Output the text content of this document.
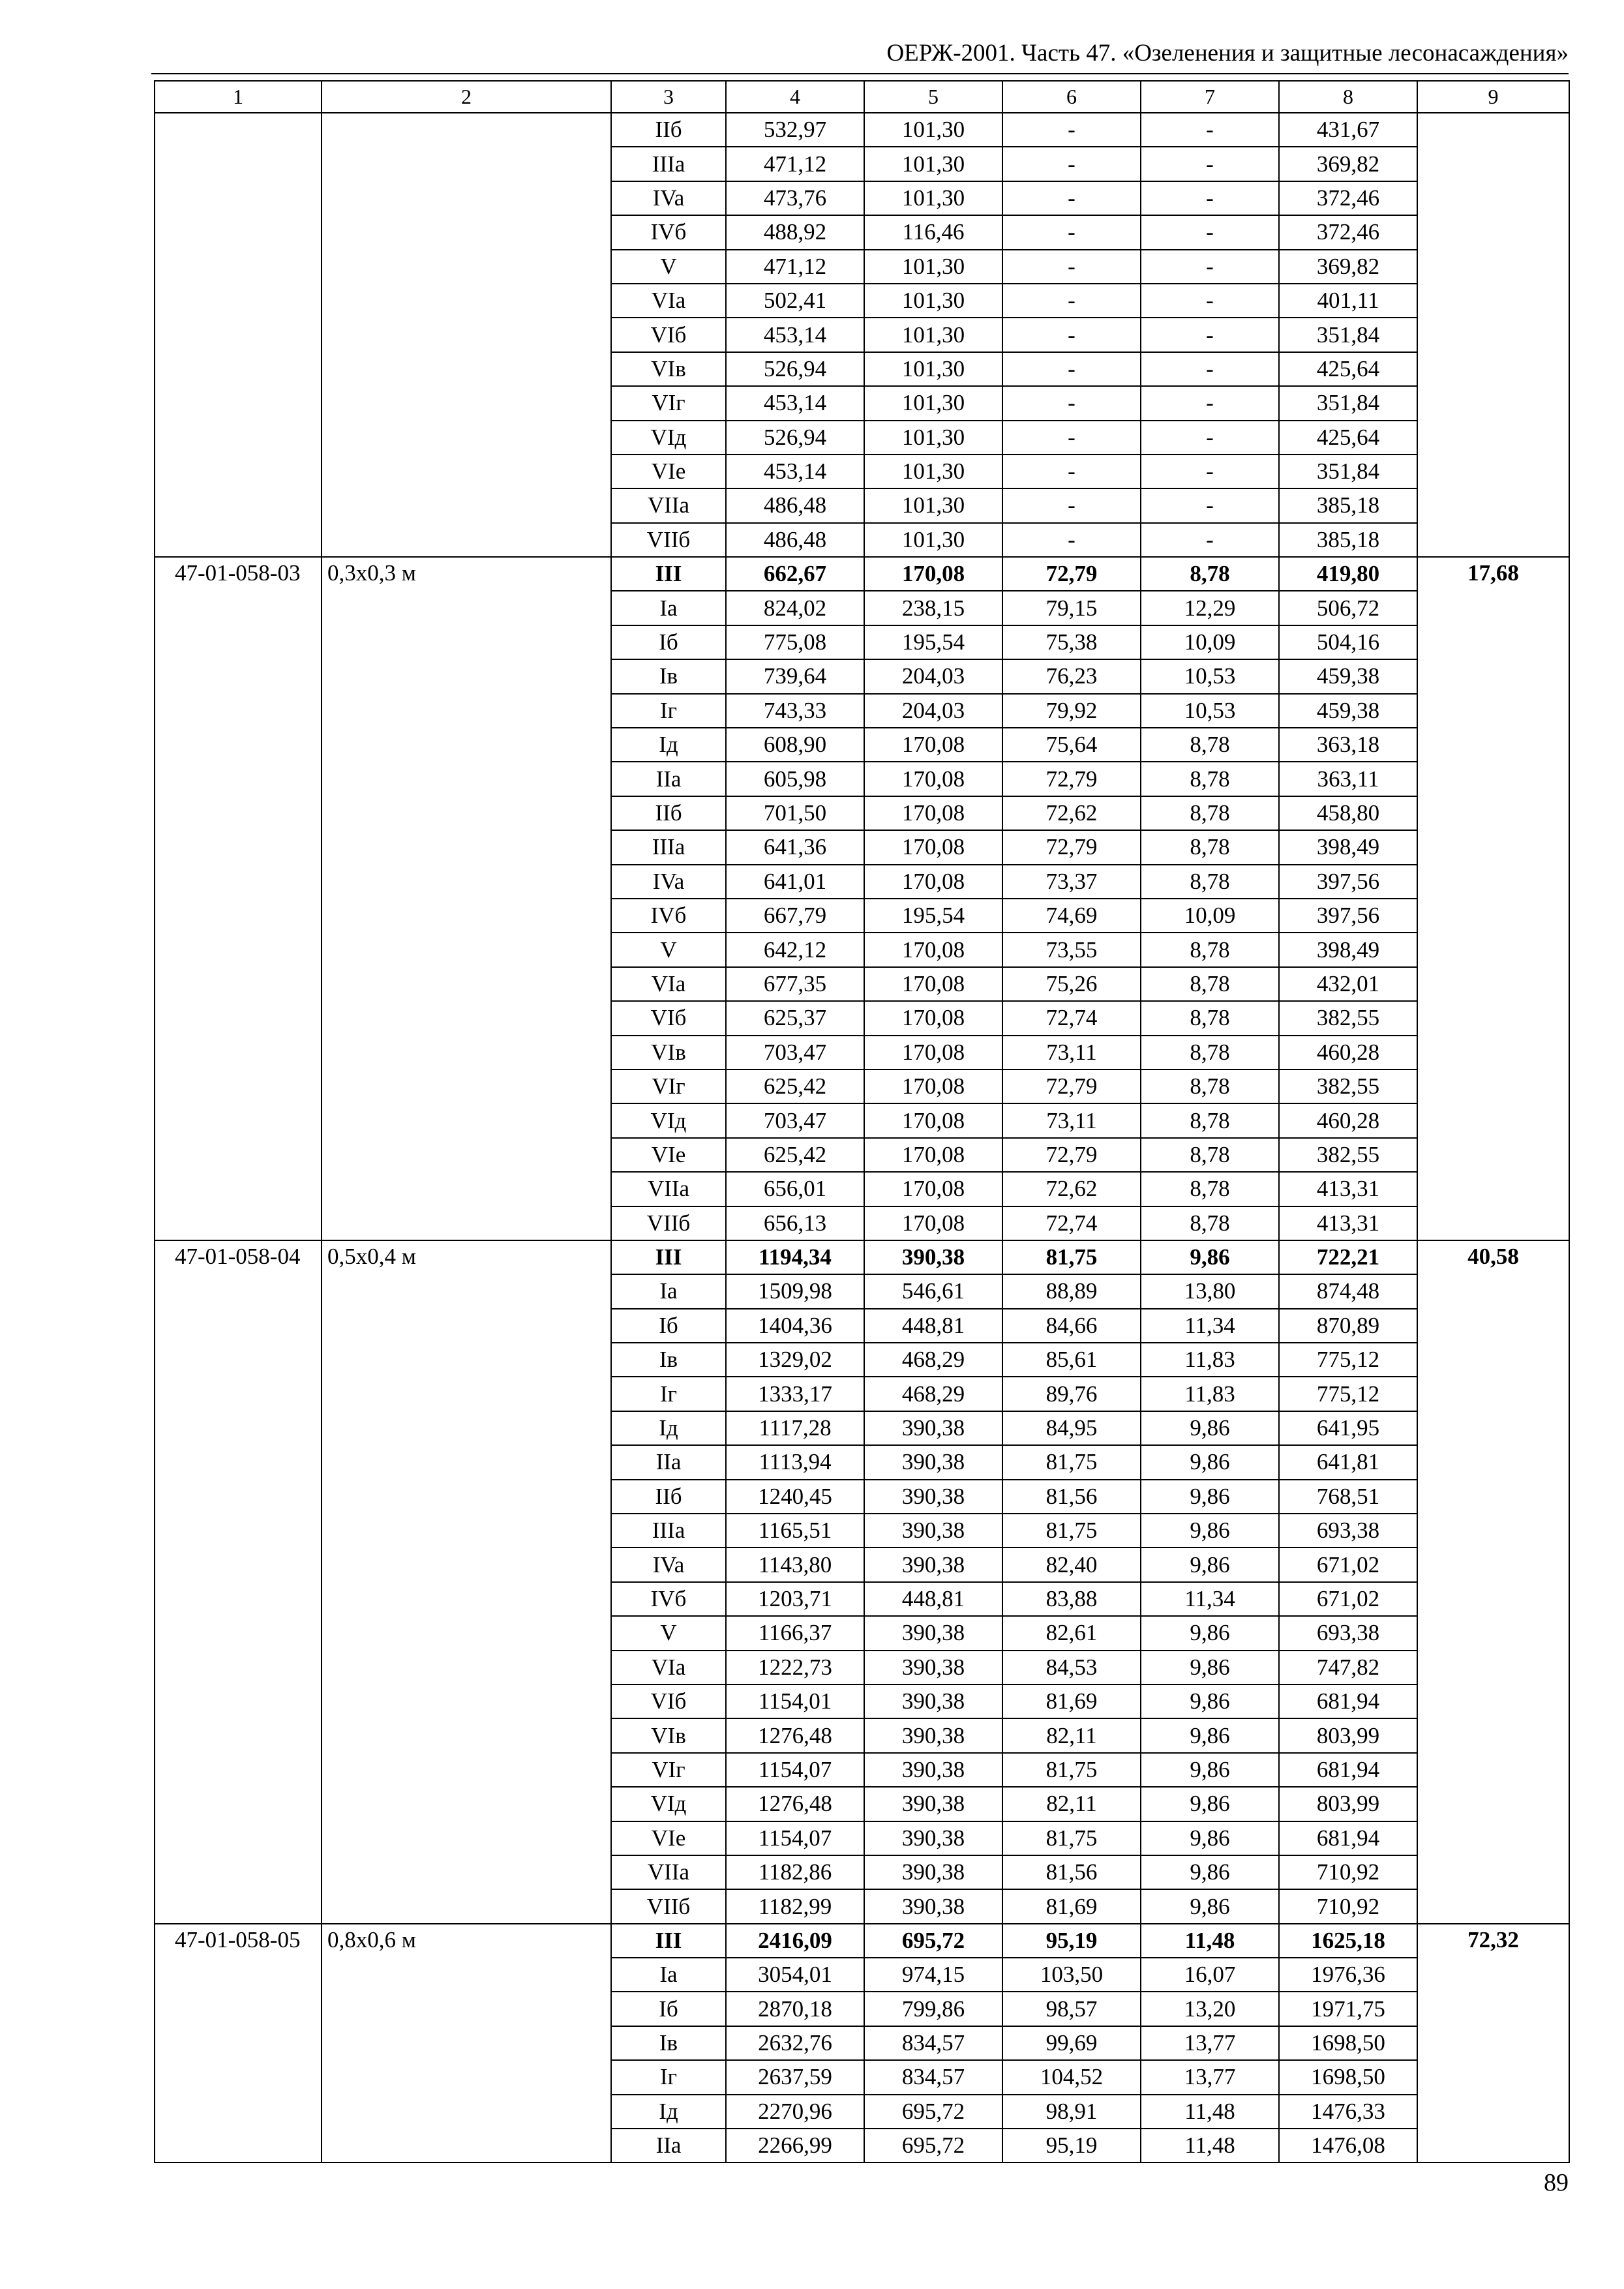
ОЕРЖ-2001. Часть 47. «Озеленения и защитные лесонасаждения»
1	2	3	4	5	6	7	8	9
		IIб	532,97	101,30	-	-	431,67	
		IIIa	471,12	101,30	-	-	369,82	
		IVa	473,76	101,30	-	-	372,46	
		IVб	488,92	116,46	-	-	372,46	
		V	471,12	101,30	-	-	369,82	
		VIa	502,41	101,30	-	-	401,11	
		VIб	453,14	101,30	-	-	351,84	
		VIв	526,94	101,30	-	-	425,64	
		VIг	453,14	101,30	-	-	351,84	
		VIд	526,94	101,30	-	-	425,64	
		VIe	453,14	101,30	-	-	351,84	
		VIIa	486,48	101,30	-	-	385,18	
		VIIб	486,48	101,30	-	-	385,18	
47-01-058-03	0,3x0,3 м	III	662,67	170,08	72,79	8,78	419,80	17,68
		Ia	824,02	238,15	79,15	12,29	506,72	
		Iб	775,08	195,54	75,38	10,09	504,16	
		Iв	739,64	204,03	76,23	10,53	459,38	
		Iг	743,33	204,03	79,92	10,53	459,38	
		Iд	608,90	170,08	75,64	8,78	363,18	
		IIa	605,98	170,08	72,79	8,78	363,11	
		IIб	701,50	170,08	72,62	8,78	458,80	
		IIIa	641,36	170,08	72,79	8,78	398,49	
		IVa	641,01	170,08	73,37	8,78	397,56	
		IVб	667,79	195,54	74,69	10,09	397,56	
		V	642,12	170,08	73,55	8,78	398,49	
		VIa	677,35	170,08	75,26	8,78	432,01	
		VIб	625,37	170,08	72,74	8,78	382,55	
		VIв	703,47	170,08	73,11	8,78	460,28	
		VIг	625,42	170,08	72,79	8,78	382,55	
		VIд	703,47	170,08	73,11	8,78	460,28	
		VIe	625,42	170,08	72,79	8,78	382,55	
		VIIa	656,01	170,08	72,62	8,78	413,31	
		VIIб	656,13	170,08	72,74	8,78	413,31	
47-01-058-04	0,5x0,4 м	III	1194,34	390,38	81,75	9,86	722,21	40,58
		Ia	1509,98	546,61	88,89	13,80	874,48	
		Iб	1404,36	448,81	84,66	11,34	870,89	
		Iв	1329,02	468,29	85,61	11,83	775,12	
		Iг	1333,17	468,29	89,76	11,83	775,12	
		Iд	1117,28	390,38	84,95	9,86	641,95	
		IIa	1113,94	390,38	81,75	9,86	641,81	
		IIб	1240,45	390,38	81,56	9,86	768,51	
		IIIa	1165,51	390,38	81,75	9,86	693,38	
		IVa	1143,80	390,38	82,40	9,86	671,02	
		IVб	1203,71	448,81	83,88	11,34	671,02	
		V	1166,37	390,38	82,61	9,86	693,38	
		VIa	1222,73	390,38	84,53	9,86	747,82	
		VIб	1154,01	390,38	81,69	9,86	681,94	
		VIв	1276,48	390,38	82,11	9,86	803,99	
		VIг	1154,07	390,38	81,75	9,86	681,94	
		VIд	1276,48	390,38	82,11	9,86	803,99	
		VIe	1154,07	390,38	81,75	9,86	681,94	
		VIIa	1182,86	390,38	81,56	9,86	710,92	
		VIIб	1182,99	390,38	81,69	9,86	710,92	
47-01-058-05	0,8x0,6 м	III	2416,09	695,72	95,19	11,48	1625,18	72,32
		Ia	3054,01	974,15	103,50	16,07	1976,36	
		Iб	2870,18	799,86	98,57	13,20	1971,75	
		Iв	2632,76	834,57	99,69	13,77	1698,50	
		Iг	2637,59	834,57	104,52	13,77	1698,50	
		Iд	2270,96	695,72	98,91	11,48	1476,33	
		IIa	2266,99	695,72	95,19	11,48	1476,08	
89
